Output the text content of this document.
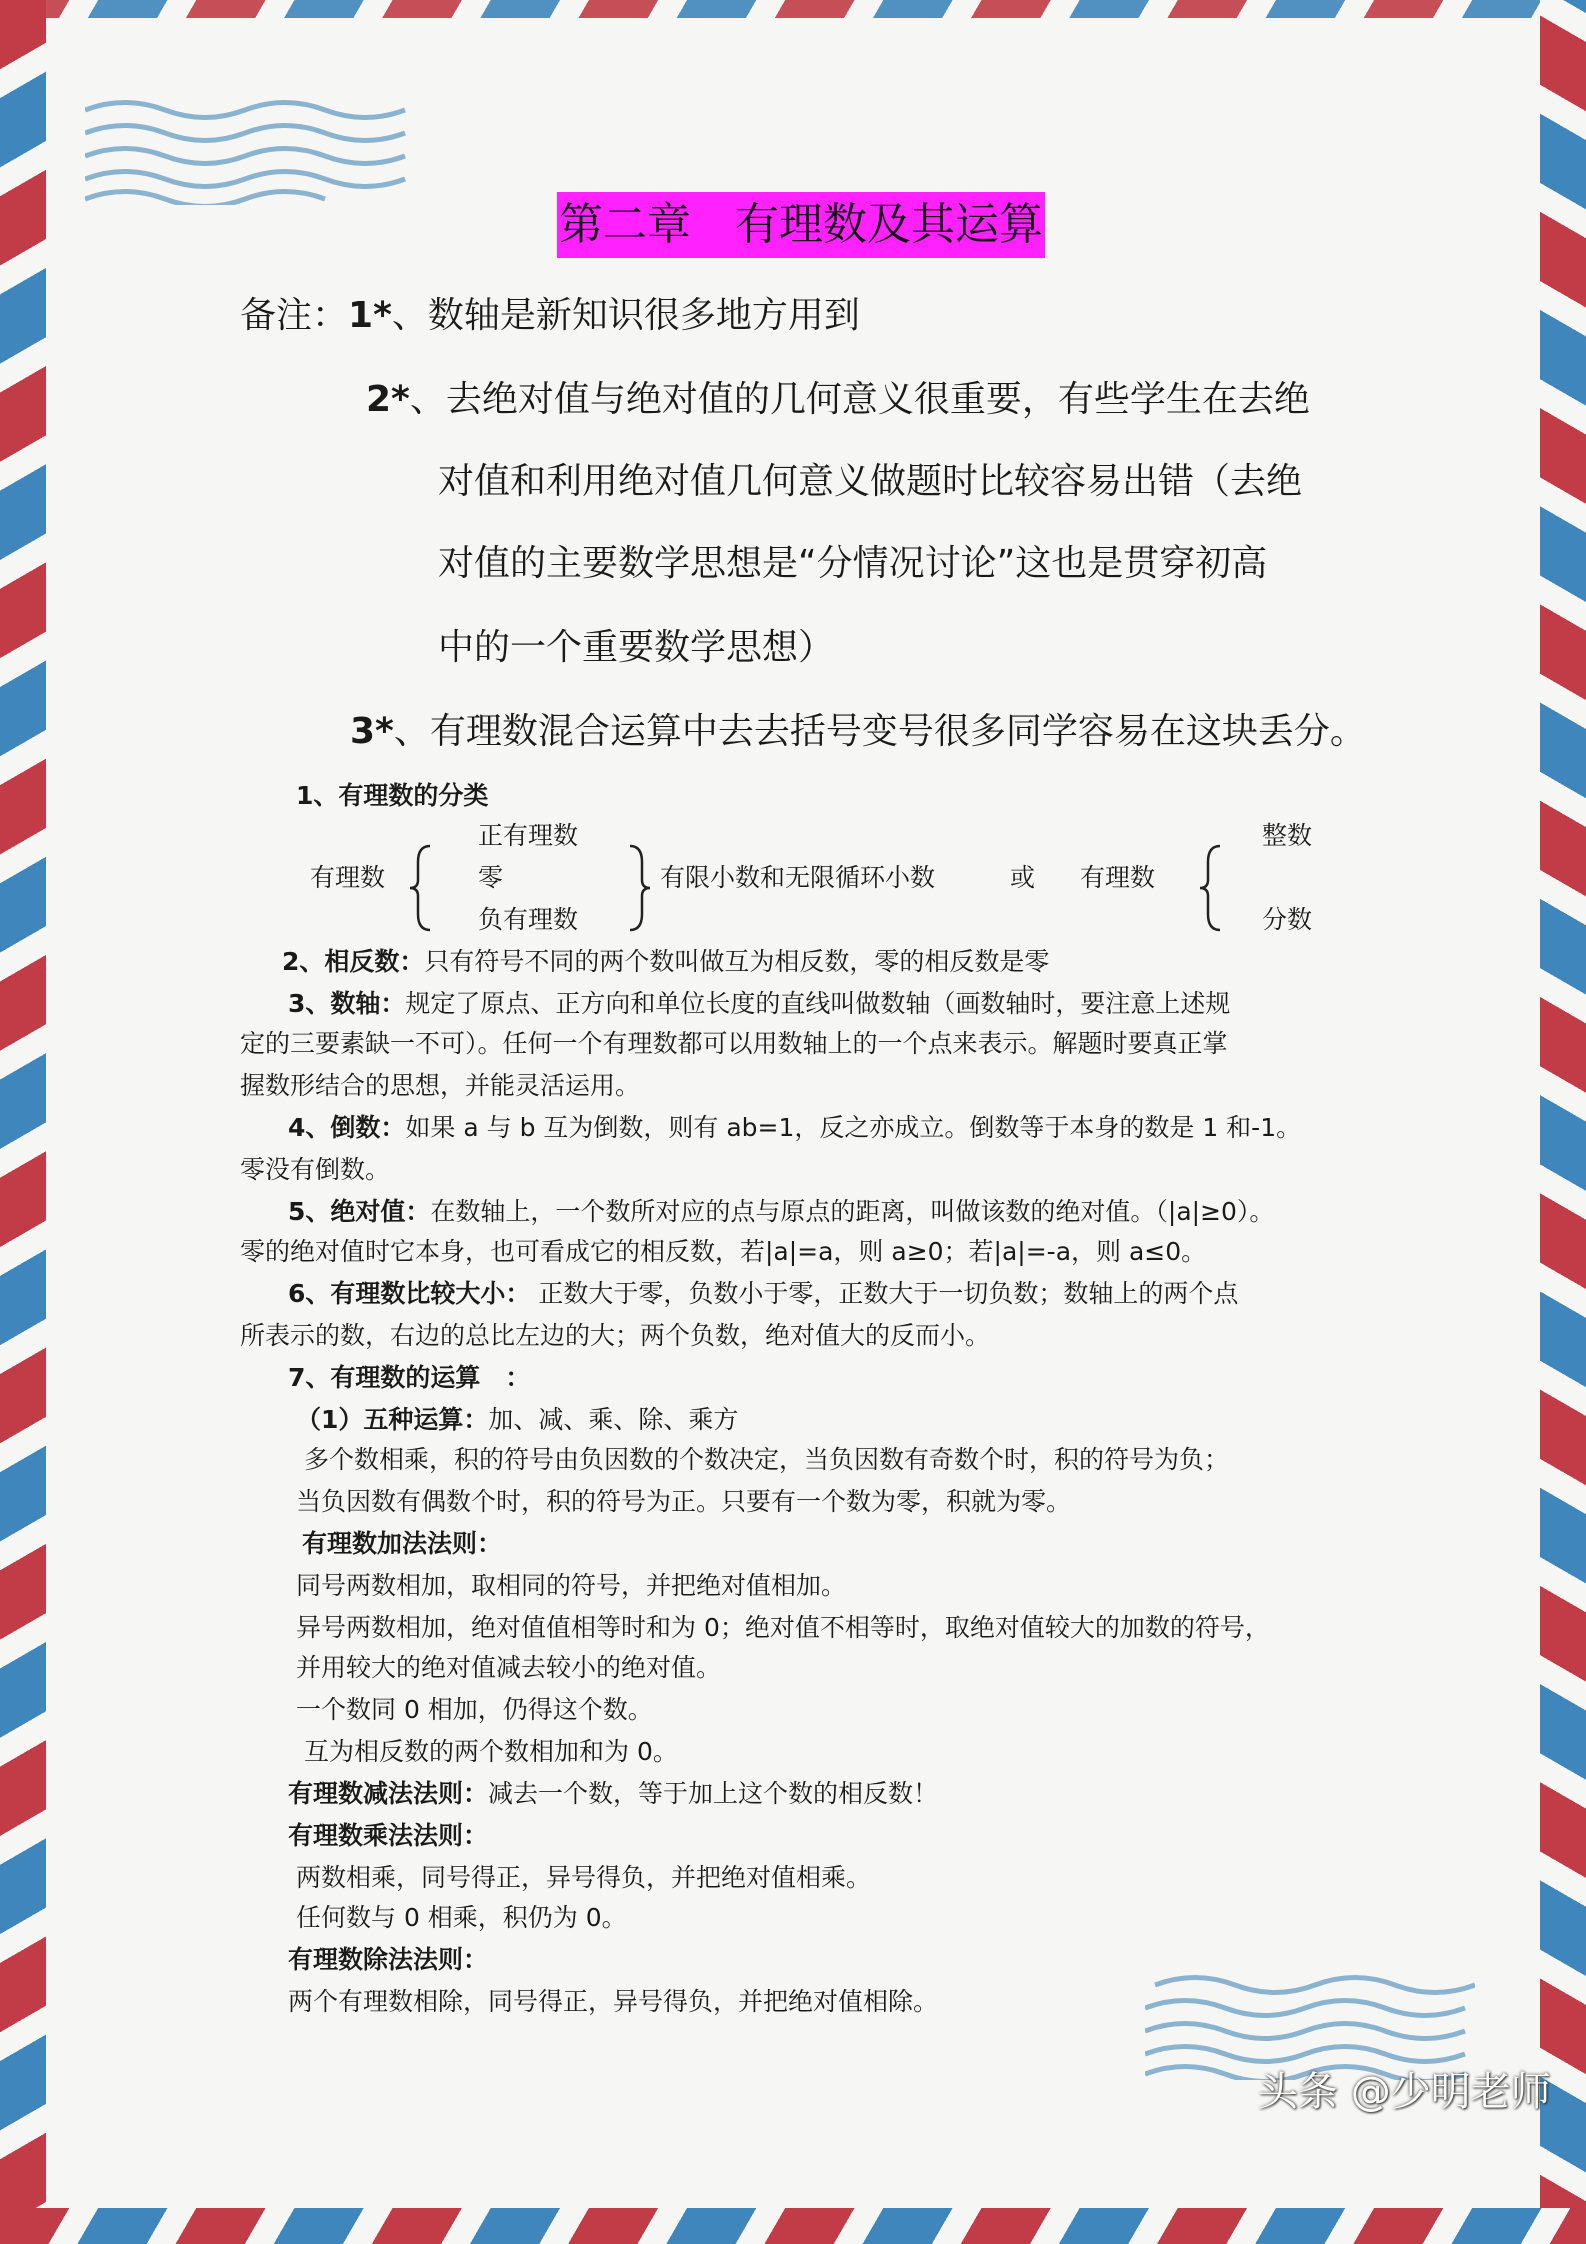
第二章　有理数及其运算
备注：1*、数轴是新知识很多地方用到
2*、去绝对值与绝对值的几何意义很重要，有些学生在去绝
对值和利用绝对值几何意义做题时比较容易出错（去绝
对值的主要数学思想是“分情况讨论”这也是贯穿初高
中的一个重要数学思想）
3*、有理数混合运算中去去括号变号很多同学容易在这块丢分。
1、有理数的分类
有理数
正有理数
零
负有理数
有限小数和无限循环小数	或 有理数
整数
分数
2、相反数：只有符号不同的两个数叫做互为相反数，零的相反数是零
3、数轴：规定了原点、正方向和单位长度的直线叫做数轴（画数轴时，要注意上述规
定的三要素缺一不可）。任何一个有理数都可以用数轴上的一个点来表示。解题时要真正掌
握数形结合的思想，并能灵活运用。
4、倒数：如果 a 与 b 互为倒数，则有 ab=1，反之亦成立。倒数等于本身的数是 1 和-1。
零没有倒数。
5、绝对值：在数轴上，一个数所对应的点与原点的距离，叫做该数的绝对值。（|a|≥0）。
零的绝对值时它本身，也可看成它的相反数，若|a|=a，则 a≥0；若|a|=-a，则 a≤0。
6、有理数比较大小： 正数大于零，负数小于零，正数大于一切负数；数轴上的两个点
所表示的数，右边的总比左边的大；两个负数，绝对值大的反而小。
7、有理数的运算　：
（1）五种运算：加、减、乘、除、乘方
多个数相乘，积的符号由负因数的个数决定，当负因数有奇数个时，积的符号为负；
当负因数有偶数个时，积的符号为正。只要有一个数为零，积就为零。
有理数加法法则：
同号两数相加，取相同的符号，并把绝对值相加。
异号两数相加，绝对值值相等时和为 0；绝对值不相等时，取绝对值较大的加数的符号，
并用较大的绝对值减去较小的绝对值。
一个数同 0 相加，仍得这个数。
互为相反数的两个数相加和为 0。
有理数减法法则：减去一个数，等于加上这个数的相反数！
有理数乘法法则：
两数相乘，同号得正，异号得负，并把绝对值相乘。
任何数与 0 相乘，积仍为 0。
有理数除法法则：
两个有理数相除，同号得正，异号得负，并把绝对值相除。
头条 @少明老师
